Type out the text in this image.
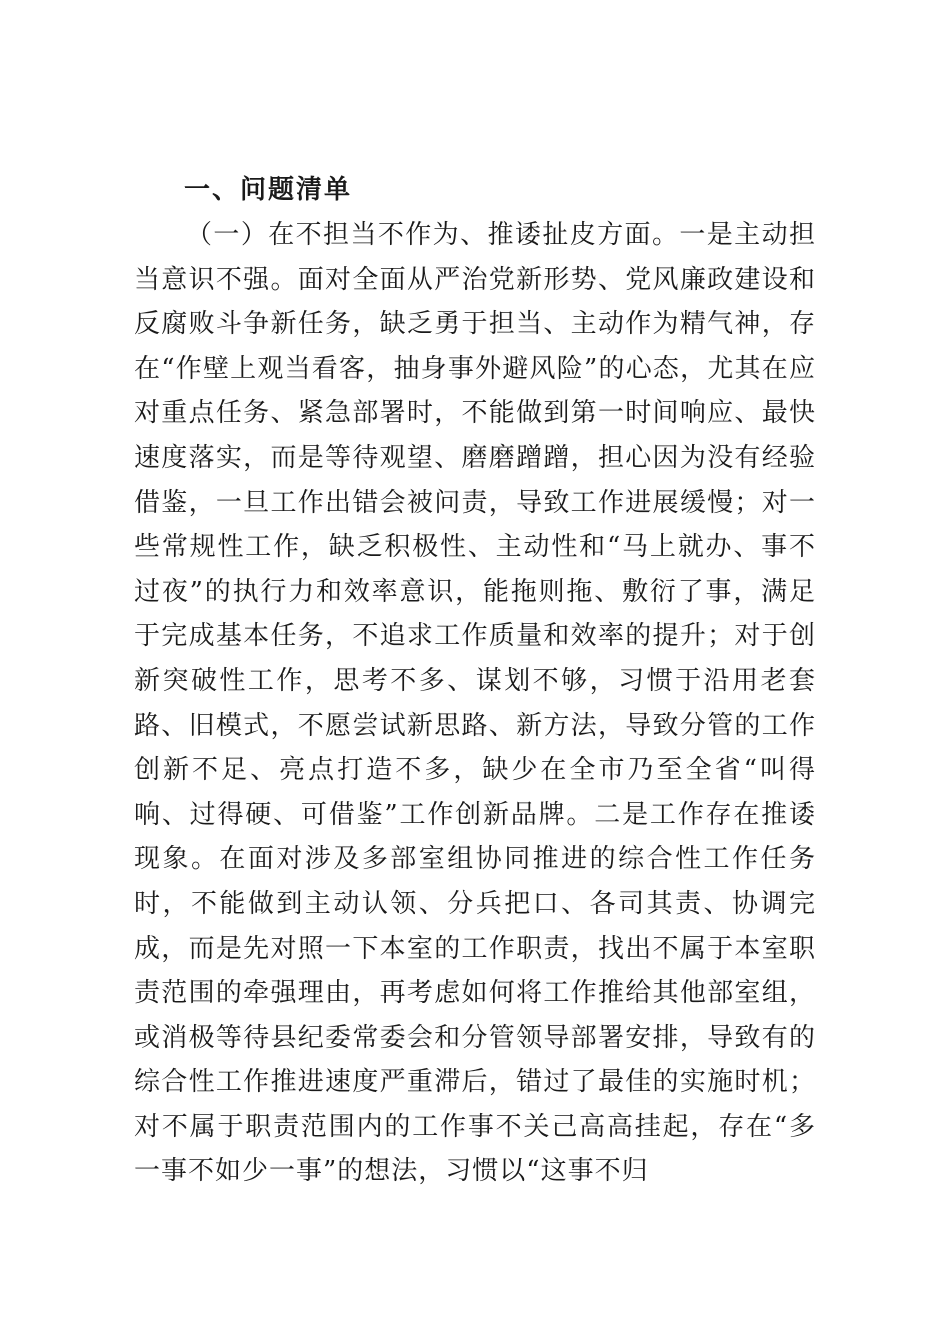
一、问题清单

（一）在不担当不作为、推诿扯皮方面。一是主动担当意识不强。面对全面从严治党新形势、党风廉政建设和反腐败斗争新任务，缺乏勇于担当、主动作为精气神，存在“作壁上观当看客，抽身事外避风险”的心态，尤其在应对重点任务、紧急部署时，不能做到第一时间响应、最快速度落实，而是等待观望、磨磨蹭蹭，担心因为没有经验借鉴，一旦工作出错会被问责，导致工作进展缓慢；对一些常规性工作，缺乏积极性、主动性和“马上就办、事不过夜”的执行力和效率意识，能拖则拖、敷衍了事，满足于完成基本任务，不追求工作质量和效率的提升；对于创新突破性工作，思考不多、谋划不够，习惯于沿用老套路、旧模式，不愿尝试新思路、新方法，导致分管的工作创新不足、亮点打造不多，缺少在全市乃至全省“叫得响、过得硬、可借鉴”工作创新品牌。二是工作存在推诿现象。在面对涉及多部室组协同推进的综合性工作任务时，不能做到主动认领、分兵把口、各司其责、协调完成，而是先对照一下本室的工作职责，找出不属于本室职责范围的牵强理由，再考虑如何将工作推给其他部室组，或消极等待县纪委常委会和分管领导部署安排，导致有的综合性工作推进速度严重滞后，错过了最佳的实施时机；对不属于职责范围内的工作事不关己高高挂起，存在“多一事不如少一事”的想法，习惯以“这事不归
